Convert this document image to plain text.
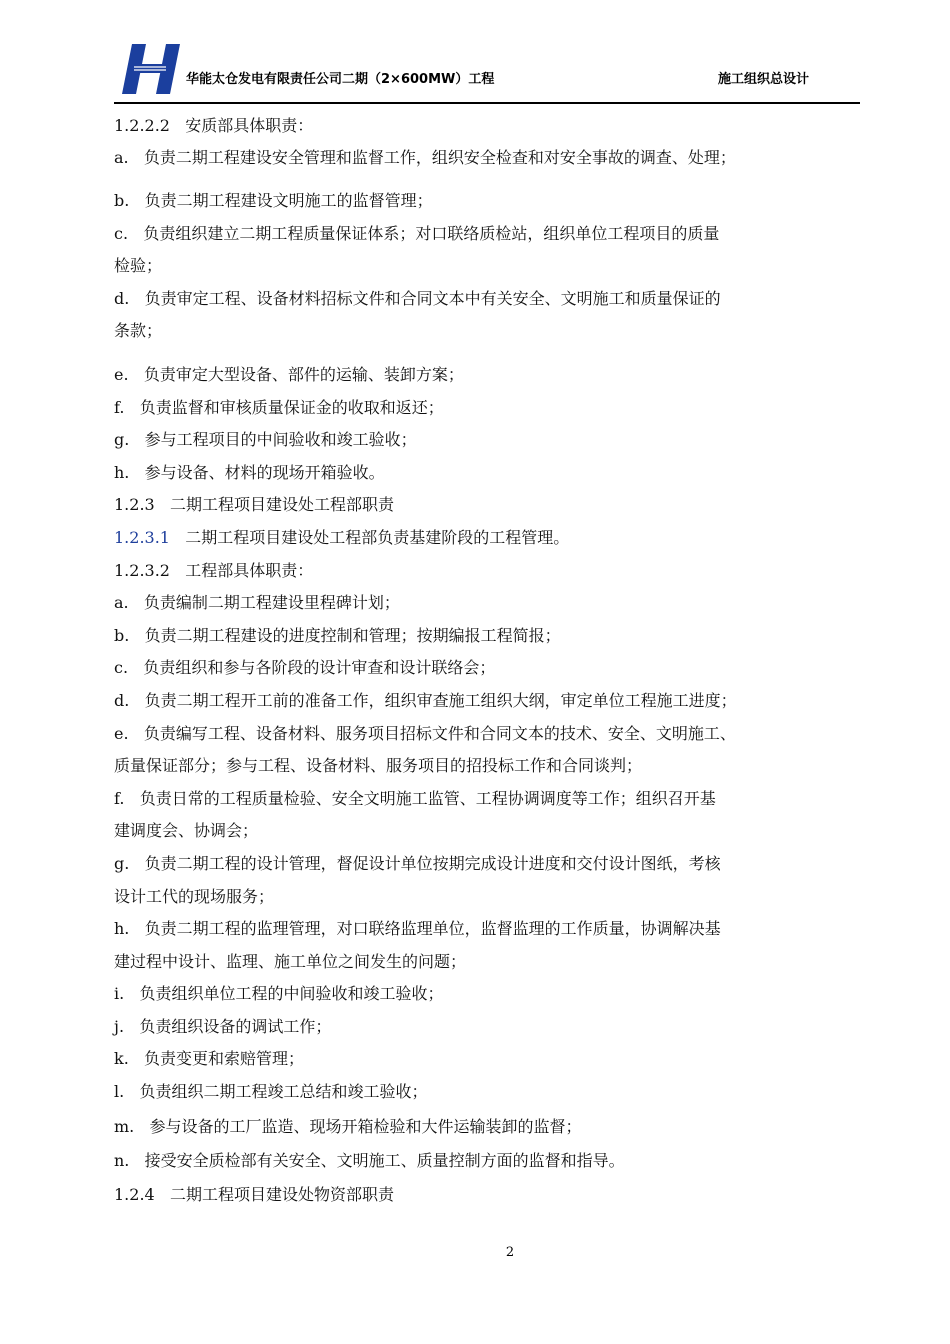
华能太仓发电有限责任公司二期（2×600MW）工程	施工组织总设计
1.2.2.2 安质部具体职责：
a. 负责二期工程建设安全管理和监督工作，组织安全检查和对安全事故的调查、处理；
b. 负责二期工程建设文明施工的监督管理；
c. 负责组织建立二期工程质量保证体系；对口联络质检站，组织单位工程项目的质量
检验；
d. 负责审定工程、设备材料招标文件和合同文本中有关安全、文明施工和质量保证的
条款；
e. 负责审定大型设备、部件的运输、装卸方案；
f. 负责监督和审核质量保证金的收取和返还；
g. 参与工程项目的中间验收和竣工验收；
h. 参与设备、材料的现场开箱验收。
1.2.3 二期工程项目建设处工程部职责
1.2.3.1 二期工程项目建设处工程部负责基建阶段的工程管理。
1.2.3.2 工程部具体职责：
a. 负责编制二期工程建设里程碑计划；
b. 负责二期工程建设的进度控制和管理；按期编报工程简报；
c. 负责组织和参与各阶段的设计审查和设计联络会；
d. 负责二期工程开工前的准备工作，组织审查施工组织大纲，审定单位工程施工进度；
e. 负责编写工程、设备材料、服务项目招标文件和合同文本的技术、安全、文明施工、
质量保证部分；参与工程、设备材料、服务项目的招投标工作和合同谈判；
f. 负责日常的工程质量检验、安全文明施工监管、工程协调调度等工作；组织召开基
建调度会、协调会；
g. 负责二期工程的设计管理，督促设计单位按期完成设计进度和交付设计图纸，考核
设计工代的现场服务；
h. 负责二期工程的监理管理，对口联络监理单位，监督监理的工作质量，协调解决基
建过程中设计、监理、施工单位之间发生的问题；
i. 负责组织单位工程的中间验收和竣工验收；
j. 负责组织设备的调试工作；
k. 负责变更和索赔管理；
l. 负责组织二期工程竣工总结和竣工验收；
m. 参与设备的工厂监造、现场开箱检验和大件运输装卸的监督；
n. 接受安全质检部有关安全、文明施工、质量控制方面的监督和指导。
1.2.4 二期工程项目建设处物资部职责
2
